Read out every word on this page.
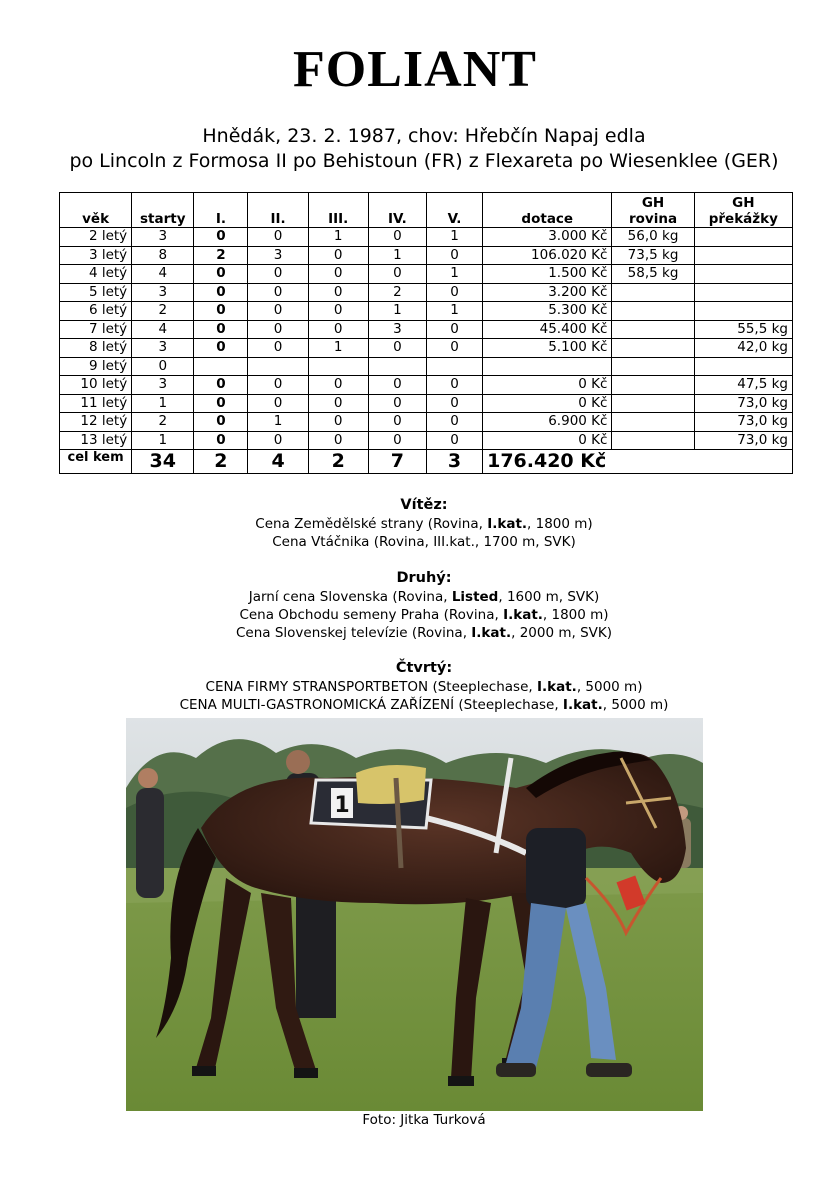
FOLIANT
Hnědák, 23. 2. 1987, chov: Hřebčín Napaj edla
po Lincoln z Formosa II po Behistoun (FR) z Flexareta po Wiesenklee (GER)
věk	starty	I.	II.	III.	IV.	V.	dotace	GH rovina	GH překážky
2 letý	3	0	0	1	0	1	3.000 Kč	56,0 kg	
3 letý	8	2	3	0	1	0	106.020 Kč	73,5 kg	
4 letý	4	0	0	0	0	1	1.500 Kč	58,5 kg	
5 letý	3	0	0	0	2	0	3.200 Kč		
6 letý	2	0	0	0	1	1	5.300 Kč		
7 letý	4	0	0	0	3	0	45.400 Kč		55,5 kg
8 letý	3	0	0	1	0	0	5.100 Kč		42,0 kg
9 letý	0								
10 letý	3	0	0	0	0	0	0 Kč		47,5 kg
11 letý	1	0	0	0	0	0	0 Kč		73,0 kg
12 letý	2	0	1	0	0	0	6.900 Kč		73,0 kg
13 letý	1	0	0	0	0	0	0 Kč		73,0 kg
cel kem	34	2	4	2	7	3	176.420 Kč		
Vítěz:

Cena Zemědělské strany (Rovina, I.kat., 1800 m)

Cena Vtáčnika (Rovina, III.kat., 1700 m, SVK)

Druhý:

Jarní cena Slovenska (Rovina, Listed, 1600 m, SVK)

Cena Obchodu semeny Praha (Rovina, I.kat., 1800 m)

Cena Slovenskej televízie (Rovina, I.kat., 2000 m, SVK)

Čtvrtý:

CENA FIRMY STRANSPORTBETON (Steeplechase, I.kat., 5000 m)

CENA MULTI-GASTRONOMICKÁ ZAŘÍZENÍ (Steeplechase, I.kat., 5000 m)

1
Foto: Jitka Turková
